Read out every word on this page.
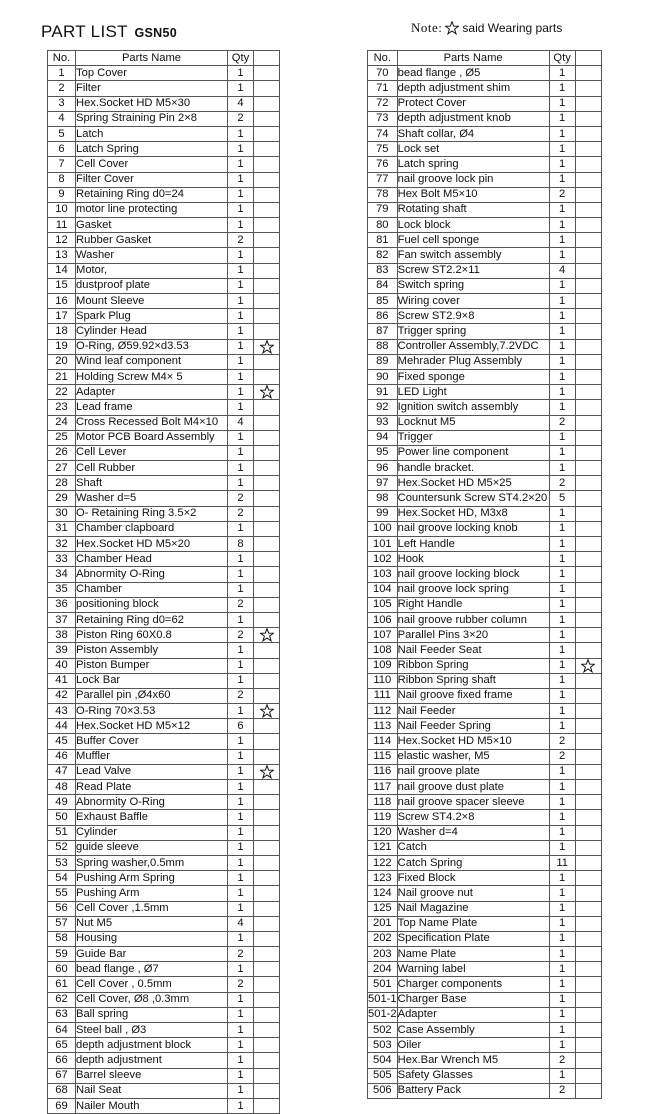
PART LIST GSN50	Note: said Wearing parts
No.	Parts Name	Qty	
1	Top Cover	1	
2	Filter	1	
3	Hex.Socket HD M5×30	4	
4	Spring Straining Pin 2×8	2	
5	Latch	1	
6	Latch Spring	1	
7	Cell Cover	1	
8	Filter Cover	1	
9	Retaining Ring d0=24	1	
10	motor line protecting	1	
11	Gasket	1	
12	Rubber Gasket	2	
13	Washer	1	
14	Motor,	1	
15	dustproof plate	1	
16	Mount Sleeve	1	
17	Spark Plug	1	
18	Cylinder Head	1	
19	O-Ring, Ø59.92×d3.53	1	

20	Wind leaf component	1	
21	Holding Screw M4× 5	1	
22	Adapter	1	

23	Lead frame	1	
24	Cross Recessed Bolt M4×10	4	
25	Motor PCB Board Assembly	1	
26	Cell Lever	1	
27	Cell Rubber	1	
28	Shaft	1	
29	Washer d=5	2	
30	O- Retaining Ring 3.5×2	2	
31	Chamber clapboard	1	
32	Hex.Socket HD M5×20	8	
33	Chamber Head	1	
34	Abnormity O-Ring	1	
35	Chamber	1	
36	positioning block	2	
37	Retaining Ring d0=62	1	
38	Piston Ring 60X0.8	2	

39	Piston Assembly	1	
40	Piston Bumper	1	
41	Lock Bar	1	
42	Parallel pin ,Ø4x60	2	
43	O-Ring 70×3.53	1	

44	Hex.Socket HD M5×12	6	
45	Buffer Cover	1	
46	Muffler	1	
47	Lead Valve	1	

48	Read Plate	1	
49	Abnormity O-Ring	1	
50	Exhaust Baffle	1	
51	Cylinder	1	
52	guide sleeve	1	
53	Spring washer,0.5mm	1	
54	Pushing Arm Spring	1	
55	Pushing Arm	1	
56	Cell Cover ,1.5mm	1	
57	Nut M5	4	
58	Housing	1	
59	Guide Bar	2	
60	bead flange , Ø7	1	
61	Cell Cover , 0.5mm	2	
62	Cell Cover, Ø8 ,0.3mm	1	
63	Ball spring	1	
64	Steel ball , Ø3	1	
65	depth adjustment block	1	
66	depth adjustment	1	
67	Barrel sleeve	1	
68	Nail Seat	1	
69	Nailer Mouth	1	
No.	Parts Name	Qty	
70	bead flange , Ø5	1	
71	depth adjustment shim	1	
72	Protect Cover	1	
73	depth adjustment knob	1	
74	Shaft collar, Ø4	1	
75	Lock set	1	
76	Latch spring	1	
77	nail groove lock pin	1	
78	Hex Bolt M5×10	2	
79	Rotating shaft	1	
80	Lock block	1	
81	Fuel cell sponge	1	
82	Fan switch assembly	1	
83	Screw ST2.2×11	4	
84	Switch spring	1	
85	Wiring cover	1	
86	Screw ST2.9×8	1	
87	Trigger spring	1	
88	Controller Assembly,7.2VDC	1	
89	Mehrader Plug Assembly	1	
90	Fixed sponge	1	
91	LED Light	1	
92	Ignition switch assembly	1	
93	Locknut M5	2	
94	Trigger	1	
95	Power line component	1	
96	handle bracket.	1	
97	Hex.Socket HD M5×25	2	
98	Countersunk Screw ST4.2×20	5	
99	Hex.Socket HD, M3x8	1	
100	nail groove locking knob	1	
101	Left Handle	1	
102	Hook	1	
103	nail groove locking block	1	
104	nail groove lock spring	1	
105	Right Handle	1	
106	nail groove rubber column	1	
107	Parallel Pins 3×20	1	
108	Nail Feeder Seat	1	
109	Ribbon Spring	1	

110	Ribbon Spring shaft	1	
111	Nail groove fixed frame	1	
112	Nail Feeder	1	
113	Nail Feeder Spring	1	
114	Hex.Socket HD M5×10	2	
115	elastic washer, M5	2	
116	nail groove plate	1	
117	nail groove dust plate	1	
118	nail groove spacer sleeve	1	
119	Screw ST4.2×8	1	
120	Washer d=4	1	
121	Catch	1	
122	Catch Spring	11	
123	Fixed Block	1	
124	Nail groove nut	1	
125	Nail Magazine	1	
201	Top Name Plate	1	
202	Specification Plate	1	
203	Name Plate	1	
204	Warning label	1	
501	Charger components	1	
501-1	Charger Base	1	
501-2	Adapter	1	
502	Case Assembly	1	
503	Oiler	1	
504	Hex.Bar Wrench M5	2	
505	Safety Glasses	1	
506	Battery Pack	2	
